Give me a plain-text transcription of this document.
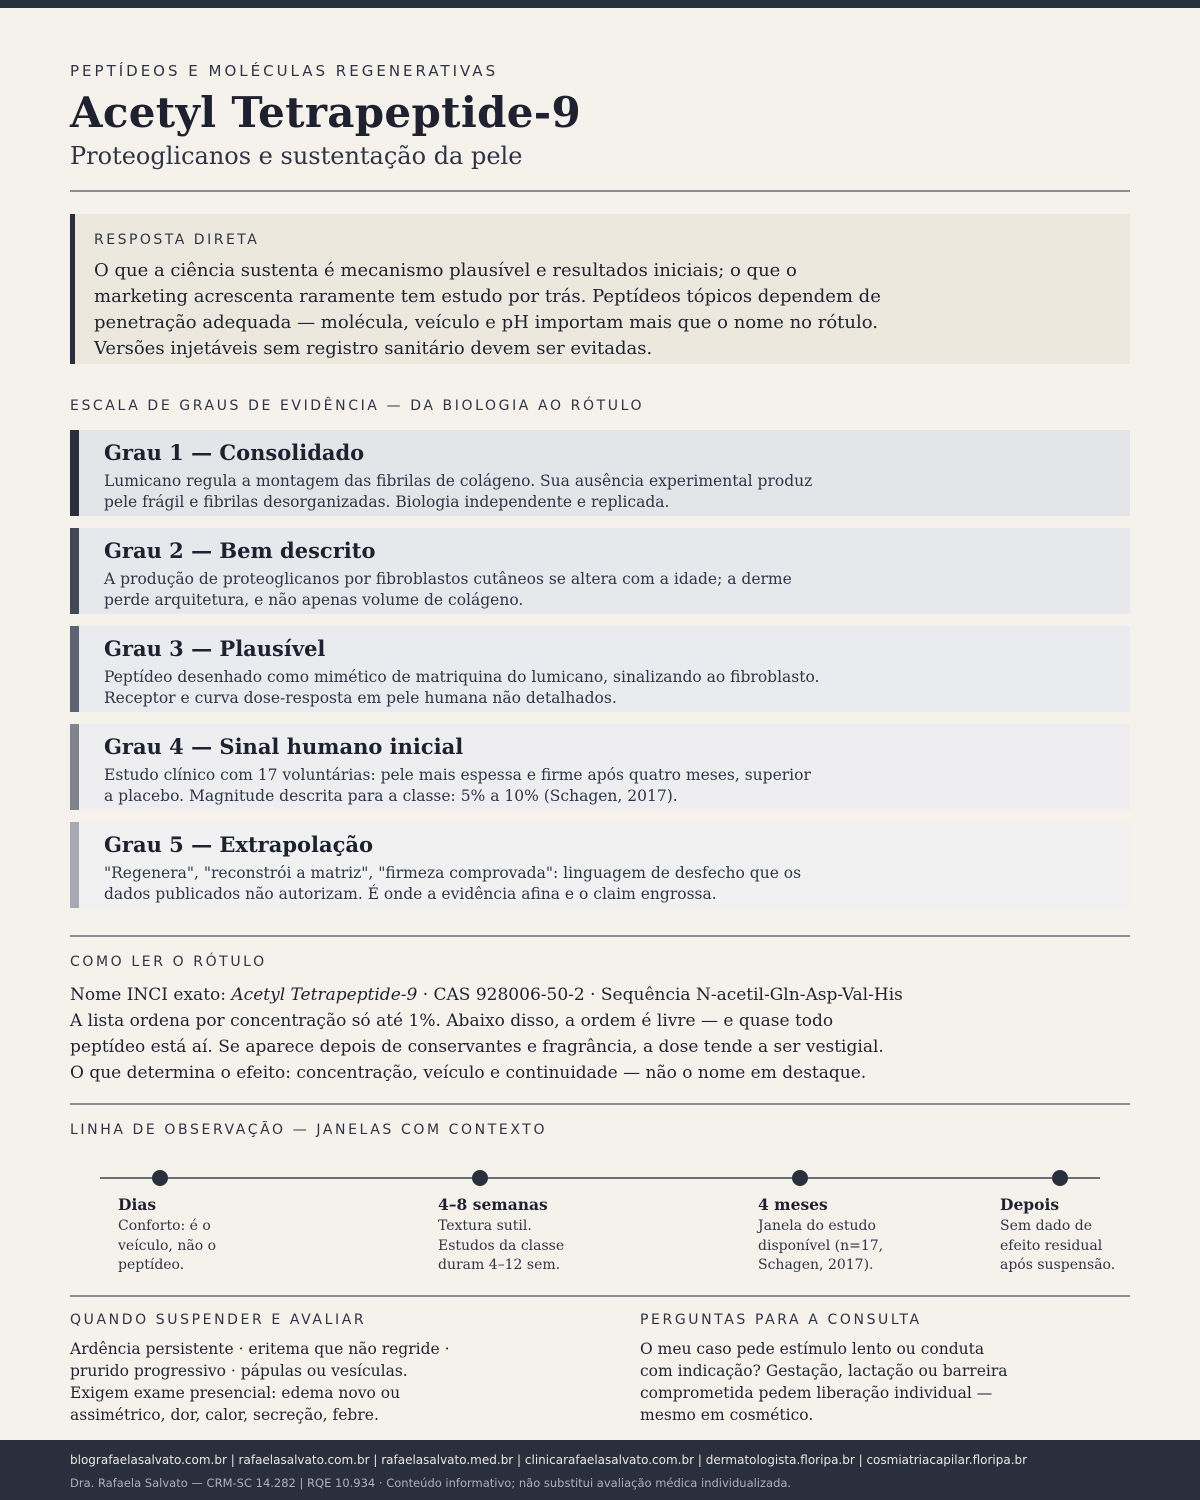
PEPTÍDEOS E MOLÉCULAS REGENERATIVAS
Acetyl Tetrapeptide-9
Proteoglicanos e sustentação da pele
RESPOSTA DIRETA

O que a ciência sustenta é mecanismo plausível e resultados iniciais; o que o marketing acrescenta raramente tem estudo por trás. Peptídeos tópicos dependem de penetração adequada — molécula, veículo e pH importam mais que o nome no rótulo. Versões injetáveis sem registro sanitário devem ser evitadas.

ESCALA DE GRAUS DE EVIDÊNCIA — DA BIOLOGIA AO RÓTULO
Grau 1 — Consolidado
Lumicano regula a montagem das fibrilas de colágeno. Sua ausência experimental produz pele frágil e fibrilas desorganizadas. Biologia independente e replicada.
Grau 2 — Bem descrito
A produção de proteoglicanos por fibroblastos cutâneos se altera com a idade; a derme perde arquitetura, e não apenas volume de colágeno.
Grau 3 — Plausível
Peptídeo desenhado como mimético de matriquina do lumicano, sinalizando ao fibroblasto. Receptor e curva dose-resposta em pele humana não detalhados.
Grau 4 — Sinal humano inicial
Estudo clínico com 17 voluntárias: pele mais espessa e firme após quatro meses, superior a placebo. Magnitude descrita para a classe: 5% a 10% (Schagen, 2017).
Grau 5 — Extrapolação
"Regenera", "reconstrói a matriz", "firmeza comprovada": linguagem de desfecho que os dados publicados não autorizam. É onde a evidência afina e o claim engrossa.
COMO LER O RÓTULO
Nome INCI exato: Acetyl Tetrapeptide-9 · CAS 928006-50-2 · Sequência N-acetil-Gln-Asp-Val-His
A lista ordena por concentração só até 1%. Abaixo disso, a ordem é livre — e quase todo
peptídeo está aí. Se aparece depois de conservantes e fragrância, a dose tende a ser vestigial.
O que determina o efeito: concentração, veículo e continuidade — não o nome em destaque.
LINHA DE OBSERVAÇÃO — JANELAS COM CONTEXTO
Dias
Conforto: é o veículo, não o peptídeo.
4–8 semanas
Textura sutil. Estudos da classe duram 4–12 sem.
4 meses
Janela do estudo disponível (n=17, Schagen, 2017).
Depois
Sem dado de efeito residual após suspensão.
QUANDO SUSPENDER E AVALIAR

Ardência persistente · eritema que não regride · prurido progressivo · pápulas ou vesículas. Exigem exame presencial: edema novo ou assimétrico, dor, calor, secreção, febre.

PERGUNTAS PARA A CONSULTA

O meu caso pede estímulo lento ou conduta com indicação? Gestação, lactação ou barreira comprometida pedem liberação individual — mesmo em cosmético.

blografaelasalvato.com.br | rafaelasalvato.com.br | rafaelasalvato.med.br | clinicarafaelasalvato.com.br | dermatologista.floripa.br | cosmiatriacapilar.floripa.br
Dra. Rafaela Salvato — CRM-SC 14.282 | RQE 10.934 · Conteúdo informativo; não substitui avaliação médica individualizada.
